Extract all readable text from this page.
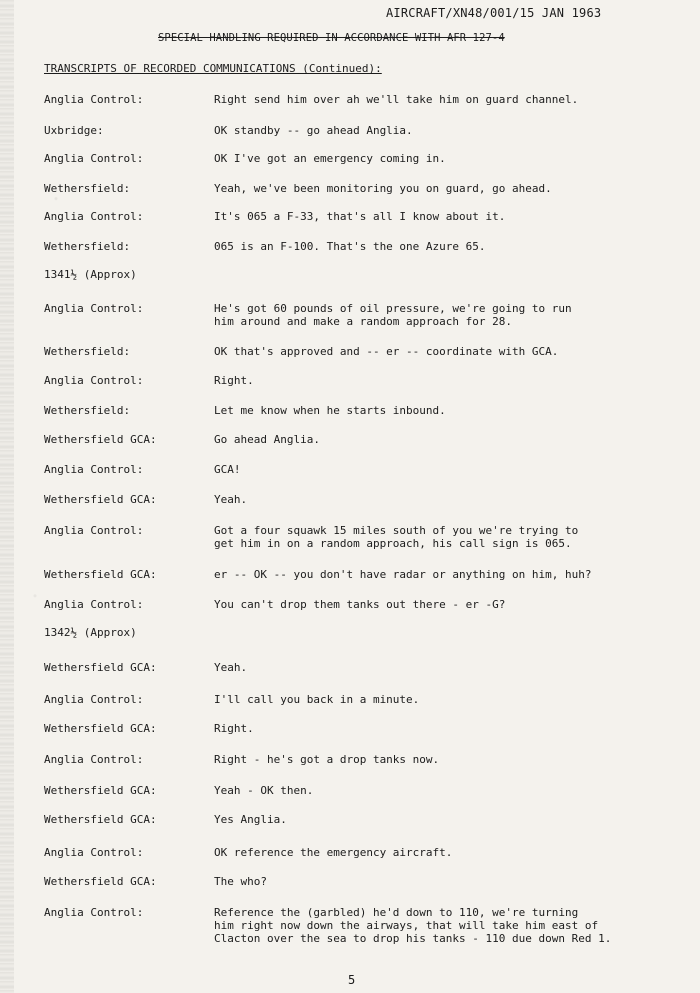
AIRCRAFT/XN48/001/15 JAN 1963
SPECIAL HANDLING REQUIRED IN ACCORDANCE WITH AFR 127-4
TRANSCRIPTS OF RECORDED COMMUNICATIONS (Continued):
Anglia Control:	Right send him over ah we'll take him on guard channel.
Uxbridge:	OK standby -- go ahead Anglia.
Anglia Control:	OK I've got an emergency coming in.
Wethersfield:	Yeah, we've been monitoring you on guard, go ahead.
Anglia Control:	It's 065 a F-33, that's all I know about it.
Wethersfield:	065 is an F-100. That's the one Azure 65.
1341½ (Approx)
Anglia Control:	He's got 60 pounds of oil pressure, we're going to run
him around and make a random approach for 28.
Wethersfield:	OK that's approved and -- er -- coordinate with GCA.
Anglia Control:	Right.
Wethersfield:	Let me know when he starts inbound.
Wethersfield GCA:	Go ahead Anglia.
Anglia Control:	GCA!
Wethersfield GCA:	Yeah.
Anglia Control:	Got a four squawk 15 miles south of you we're trying to
get him in on a random approach, his call sign is 065.
Wethersfield GCA:	er -- OK -- you don't have radar or anything on him, huh?
Anglia Control:	You can't drop them tanks out there - er -G?
1342½ (Approx)
Wethersfield GCA:	Yeah.
Anglia Control:	I'll call you back in a minute.
Wethersfield GCA:	Right.
Anglia Control:	Right - he's got a drop tanks now.
Wethersfield GCA:	Yeah - OK then.
Wethersfield GCA:	Yes Anglia.
Anglia Control:	OK reference the emergency aircraft.
Wethersfield GCA:	The who?
Anglia Control:	Reference the (garbled) he'd down to 110, we're turning
him right now down the airways, that will take him east of
Clacton over the sea to drop his tanks - 110 due down Red 1.
5
